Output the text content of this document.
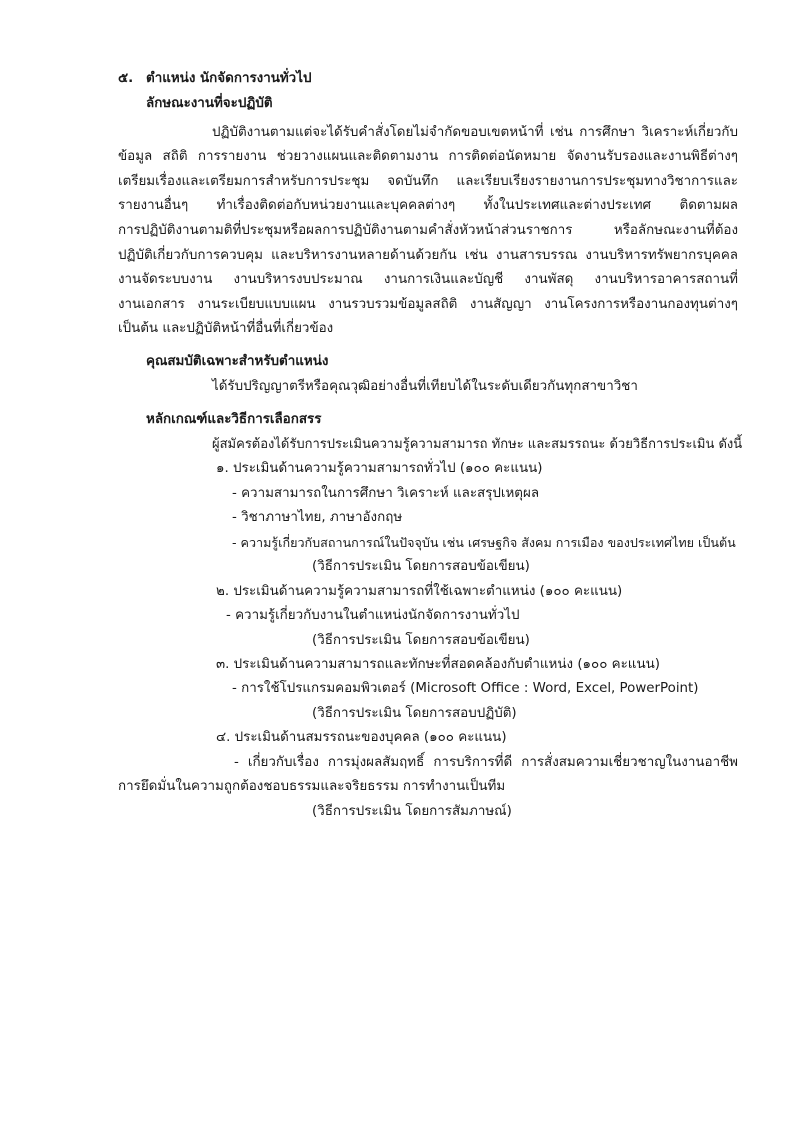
๕. ตำแหน่ง นักจัดการงานทั่วไป
ลักษณะงานที่จะปฏิบัติ
ปฏิบัติงานตามแต่จะได้รับคำสั่งโดยไม่จำกัดขอบเขตหน้าที่ เช่น การศึกษา วิเคราะห์เกี่ยวกับ
ข้อมูล สถิติ การรายงาน ช่วยวางแผนและติดตามงาน การติดต่อนัดหมาย จัดงานรับรองและงานพิธีต่างๆ
เตรียมเรื่องและเตรียมการสำหรับการประชุม จดบันทึก และเรียบเรียงรายงานการประชุมทางวิชาการและ
รายงานอื่นๆ ทำเรื่องติดต่อกับหน่วยงานและบุคคลต่างๆ ทั้งในประเทศและต่างประเทศ ติดตามผล
การปฏิบัติงานตามติที่ประชุมหรือผลการปฏิบัติงานตามคำสั่งหัวหน้าส่วนราชการ หรือลักษณะงานที่ต้อง
ปฏิบัติเกี่ยวกับการควบคุม และบริหารงานหลายด้านด้วยกัน เช่น งานสารบรรณ งานบริหารทรัพยากรบุคคล
งานจัดระบบงาน งานบริหารงบประมาณ งานการเงินและบัญชี งานพัสดุ งานบริหารอาคารสถานที่
งานเอกสาร งานระเบียบแบบแผน งานรวบรวมข้อมูลสถิติ งานสัญญา งานโครงการหรืองานกองทุนต่างๆ
เป็นต้น และปฏิบัติหน้าที่อื่นที่เกี่ยวข้อง
คุณสมบัติเฉพาะสำหรับตำแหน่ง
ได้รับปริญญาตรีหรือคุณวุฒิอย่างอื่นที่เทียบได้ในระดับเดียวกันทุกสาขาวิชา
หลักเกณฑ์และวิธีการเลือกสรร
ผู้สมัครต้องได้รับการประเมินความรู้ความสามารถ ทักษะ และสมรรถนะ ด้วยวิธีการประเมิน ดังนี้
๑. ประเมินด้านความรู้ความสามารถทั่วไป (๑๐๐ คะแนน)
- ความสามารถในการศึกษา วิเคราะห์ และสรุปเหตุผล
- วิชาภาษาไทย, ภาษาอังกฤษ
- ความรู้เกี่ยวกับสถานการณ์ในปัจจุบัน เช่น เศรษฐกิจ สังคม การเมือง ของประเทศไทย เป็นต้น
(วิธีการประเมิน โดยการสอบข้อเขียน)
๒. ประเมินด้านความรู้ความสามารถที่ใช้เฉพาะตำแหน่ง (๑๐๐ คะแนน)
- ความรู้เกี่ยวกับงานในตำแหน่งนักจัดการงานทั่วไป
(วิธีการประเมิน โดยการสอบข้อเขียน)
๓. ประเมินด้านความสามารถและทักษะที่สอดคล้องกับตำแหน่ง (๑๐๐ คะแนน)
- การใช้โปรแกรมคอมพิวเตอร์ (Microsoft Office : Word, Excel, PowerPoint)
(วิธีการประเมิน โดยการสอบปฏิบัติ)
๔. ประเมินด้านสมรรถนะของบุคคล (๑๐๐ คะแนน)
- เกี่ยวกับเรื่อง การมุ่งผลสัมฤทธิ์ การบริการที่ดี การสั่งสมความเชี่ยวชาญในงานอาชีพ
การยึดมั่นในความถูกต้องชอบธรรมและจริยธรรม การทำงานเป็นทีม
(วิธีการประเมิน โดยการสัมภาษณ์)
